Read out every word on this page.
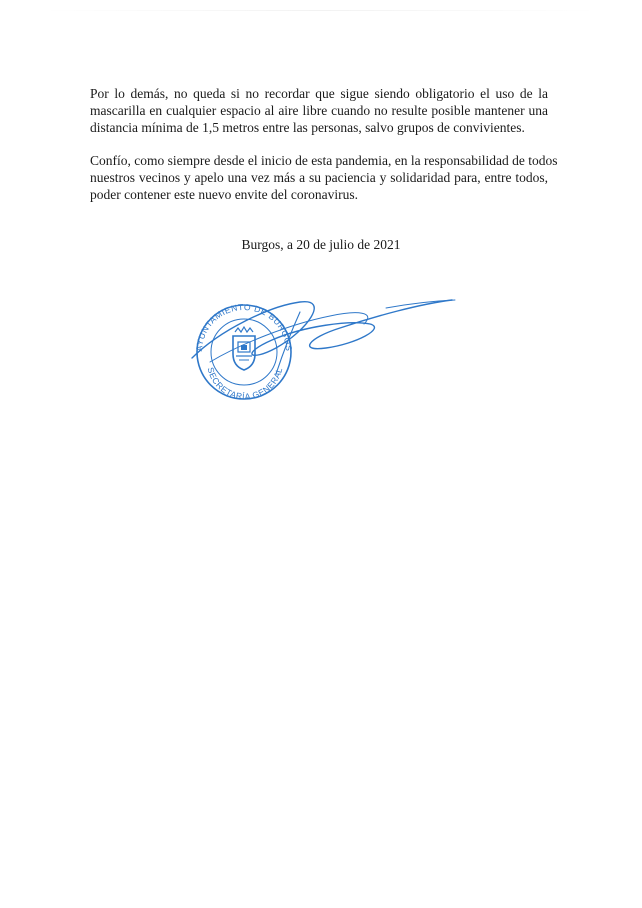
Por lo demás, no queda si no recordar que sigue siendo obligatorio el uso de la
mascarilla en cualquier espacio al aire libre cuando no resulte posible mantener una
distancia mínima de 1,5 metros entre las personas, salvo grupos de convivientes.

Confío, como siempre desde el inicio de esta pandemia, en la responsabilidad de todos
nuestros vecinos y apelo una vez más a su paciencia y solidaridad para, entre todos,
poder contener este nuevo envite del coronavirus.

Burgos, a 20 de julio de 2021
AYUNTAMIENTO DE BURGOS
SECRETARÍA GENERAL
